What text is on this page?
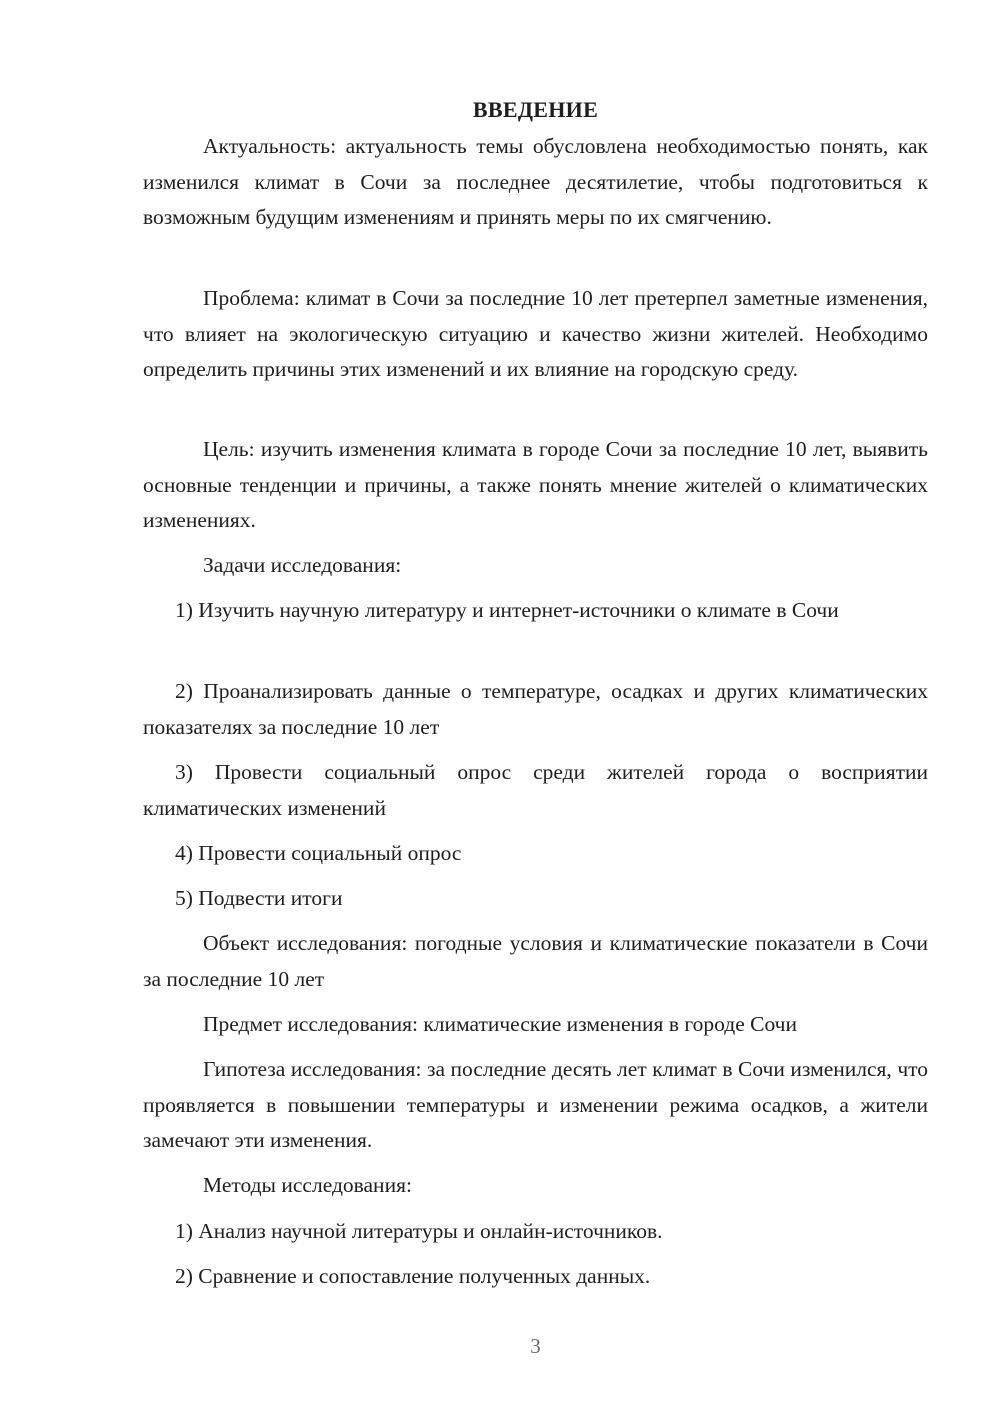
ВВЕДЕНИЕ

Актуальность: актуальность темы обусловлена необходимостью понять, как изменился климат в Сочи за последнее десятилетие, чтобы подготовиться к возможным будущим изменениям и принять меры по их смягчению.

Проблема: климат в Сочи за последние 10 лет претерпел заметные изменения, что влияет на экологическую ситуацию и качество жизни жителей. Необходимо определить причины этих изменений и их влияние на городскую среду.

Цель: изучить изменения климата в городе Сочи за последние 10 лет, выявить основные тенденции и причины, а также понять мнение жителей о климатических изменениях.

Задачи исследования:

1) Изучить научную литературу и интернет-источники о климате в Сочи

2) Проанализировать данные о температуре, осадках и других климатических показателях за последние 10 лет

3) Провести социальный опрос среди жителей города о восприятии климатических изменений

4) Провести социальный опрос

5) Подвести итоги

Объект исследования: погодные условия и климатические показатели в Сочи за последние 10 лет

Предмет исследования: климатические изменения в городе Сочи

Гипотеза исследования: за последние десять лет климат в Сочи изменился, что проявляется в повышении температуры и изменении режима осадков, а жители замечают эти изменения.

Методы исследования:

1) Анализ научной литературы и онлайн-источников.

2) Сравнение и сопоставление полученных данных.

3
